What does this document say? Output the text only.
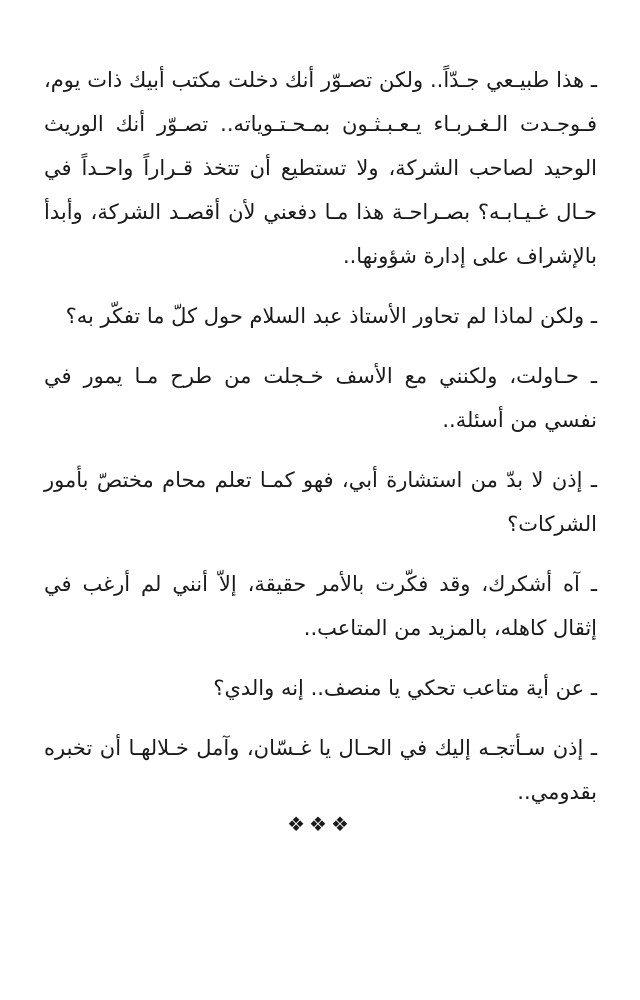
ـ هذا طبيـعي جـدّاً.. ولكن تصـوّر أنك دخلت مكتب أبيك ذات يوم، فـوجـدت الـغـربـاء يـعـبـثـون بمـحـتـوياته.. تصـوّر أنك الوريث الوحيد لصاحب الشركة، ولا تستطيع أن تتخذ قـراراً واحـداً في حـال غـيـابـه؟ بصـراحـة هذا مـا دفعني لأن أقصـد الشركة، وأبدأ بالإشراف على إدارة شؤونها..

ـ ولكن لماذا لم تحاور الأستاذ عبد السلام حول كلّ ما تفكّر به؟

ـ حـاولت، ولكنني مع الأسف خـجلت من طرح مـا يمور في نفسي من أسئلة..

ـ إذن لا بدّ من استشارة أبي، فهو كمـا تعلم محام مختصّ بأمور الشركات؟

ـ آه أشكرك، وقد فكّرت بالأمر حقيقة، إلاّ أنني لم أرغب في إثقال كاهله، بالمزيد من المتاعب..

ـ عن أية متاعب تحكي يا منصف.. إنه والدي؟

ـ إذن سـأتجـه إليك في الحـال يا غـسّان، وآمل خـلالهـا أن تخبره بقدومي..

❖❖❖
